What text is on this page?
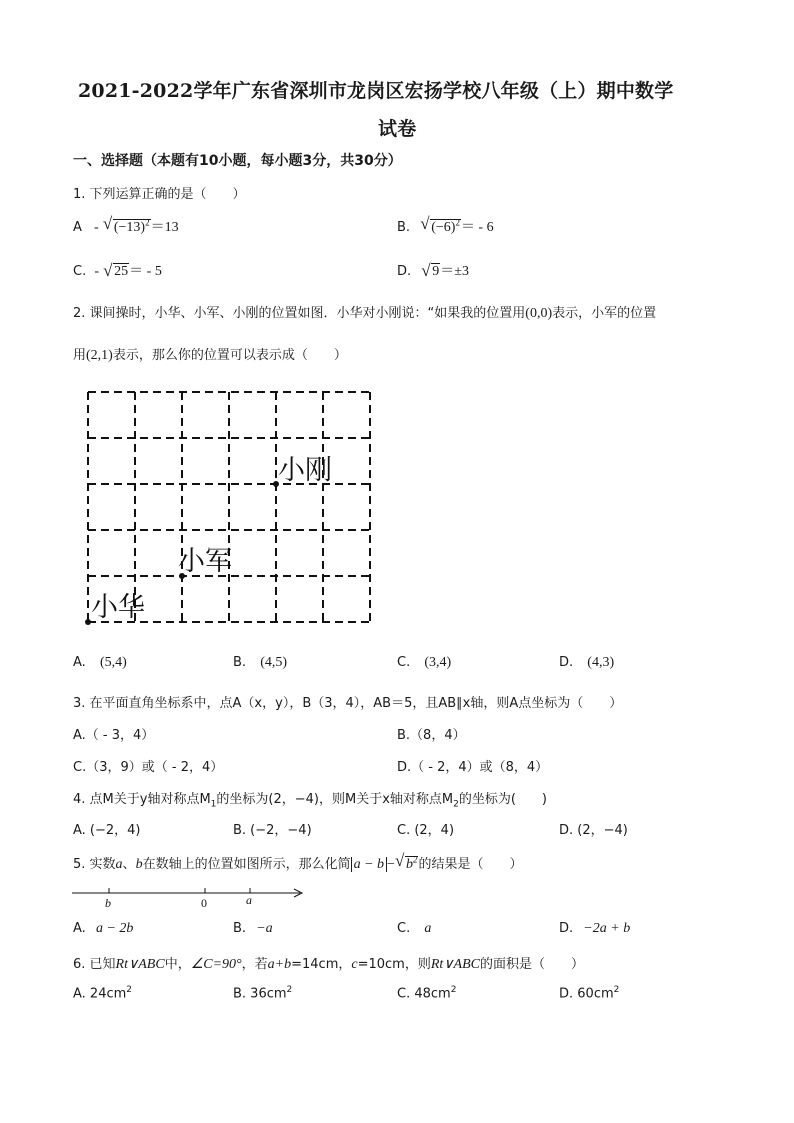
2021-2022学年广东省深圳市龙岗区宏扬学校八年级（上）期中数学
试卷
一、选择题（本题有10小题，每小题3分，共30分）
1. 下列运算正确的是（　　）
A - √ $(-13)^2=13$	B. √ $(-6)^2= - 6$
C. - √ 25＝ - 5	D. √ 9＝±3
2. 课间操时，小华、小军、小刚的位置如图．小华对小刚说：“如果我的位置用(0,0)表示，小军的位置
用(2,1)表示，那么你的位置可以表示成（　　）
小刚
小军
小华
A. (5,4)	B. (4,5)	C. (3,4)	D. (4,3)
3. 在平面直角坐标系中，点A（x，y），B（3，4），AB＝5，且AB∥x轴，则A点坐标为（　　）
A.（ - 3，4）	B.（8，4）
C.（3，9）或（ - 2，4）	D.（ - 2，4）或（8，4）
4. 点M关于y轴对称点$M_1$的坐标为(2，−4)，则M关于x轴对称点$M_2$的坐标为(　　)
A. (−2，4)	B. (−2，−4)	C. (2，4)	D. (2，−4)
5. 实数a、b在数轴上的位置如图所示，那么化简 a − b − √ $b^2$的结果是（　　）
b	0	a
A. a − 2b	B. −a	C. a	D. −2a + b
6. 已知Rt∨ABC中，∠C=90°，若a+b=14cm，c=10cm，则Rt∨ABC的面积是（　　）
A. $24cm^2$	B. $36cm^2$	C. $48cm^2$	D. $60cm^2$
